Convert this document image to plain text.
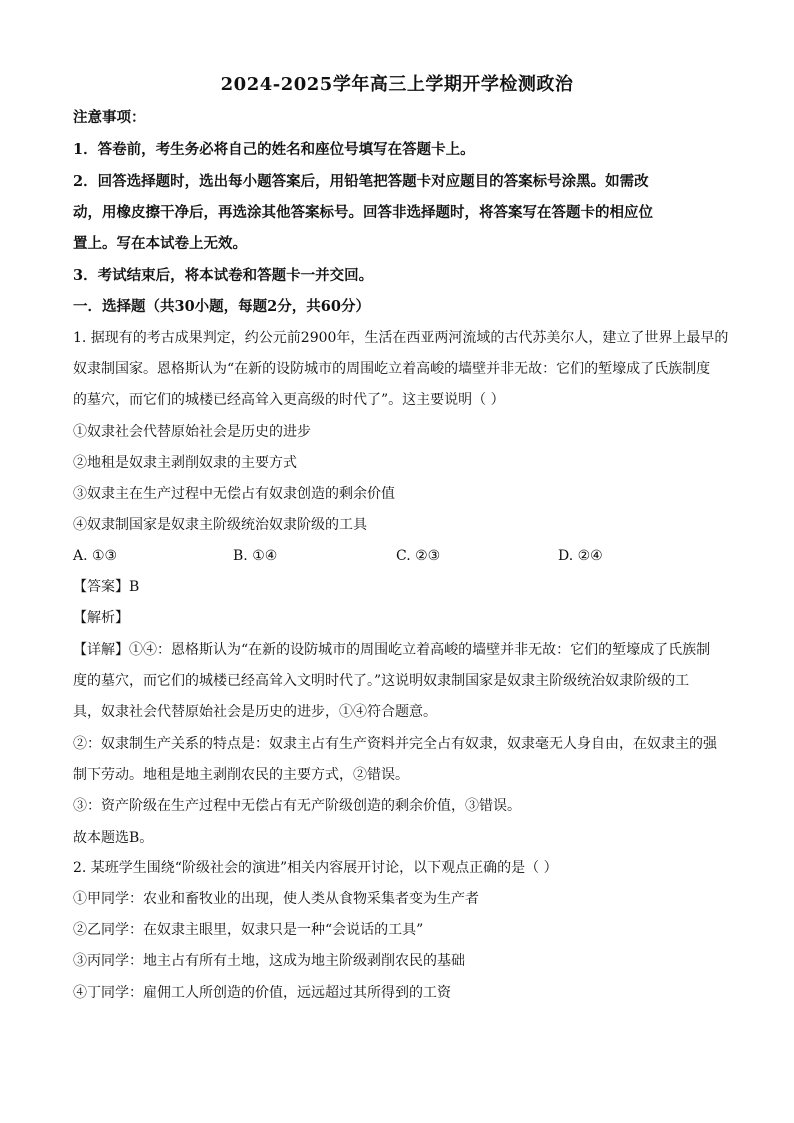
2024-2025学年高三上学期开学检测政治
注意事项：
1．答卷前，考生务必将自己的姓名和座位号填写在答题卡上。
2．回答选择题时，选出每小题答案后，用铅笔把答题卡对应题目的答案标号涂黑。如需改
动，用橡皮擦干净后，再选涂其他答案标号。回答非选择题时，将答案写在答题卡的相应位
置上。写在本试卷上无效。
3．考试结束后，将本试卷和答题卡一并交回。
一．选择题（共30小题，每题2分，共60分）
1. 据现有的考古成果判定，约公元前2900年，生活在西亚两河流域的古代苏美尔人，建立了世界上最早的
奴隶制国家。恩格斯认为“在新的设防城市的周围屹立着高峻的墙壁并非无故：它们的堑壕成了氏族制度
的墓穴，而它们的城楼已经高耸入更高级的时代了”。这主要说明（ ）
①奴隶社会代替原始社会是历史的进步
②地租是奴隶主剥削奴隶的主要方式
③奴隶主在生产过程中无偿占有奴隶创造的剩余价值
④奴隶制国家是奴隶主阶级统治奴隶阶级的工具
A. ①③	B. ①④	C. ②③	D. ②④
【答案】B
【解析】
【详解】①④：恩格斯认为“在新的设防城市的周围屹立着高峻的墙壁并非无故：它们的堑壕成了氏族制
度的墓穴，而它们的城楼已经高耸入文明时代了。”这说明奴隶制国家是奴隶主阶级统治奴隶阶级的工
具，奴隶社会代替原始社会是历史的进步，①④符合题意。
②：奴隶制生产关系的特点是：奴隶主占有生产资料并完全占有奴隶，奴隶毫无人身自由，在奴隶主的强
制下劳动。地租是地主剥削农民的主要方式，②错误。
③：资产阶级在生产过程中无偿占有无产阶级创造的剩余价值，③错误。
故本题选B。
2. 某班学生围绕“阶级社会的演进”相关内容展开讨论，以下观点正确的是（ ）
①甲同学：农业和畜牧业的出现，使人类从食物采集者变为生产者
②乙同学：在奴隶主眼里，奴隶只是一种“会说话的工具”
③丙同学：地主占有所有土地，这成为地主阶级剥削农民的基础
④丁同学：雇佣工人所创造的价值，远远超过其所得到的工资
